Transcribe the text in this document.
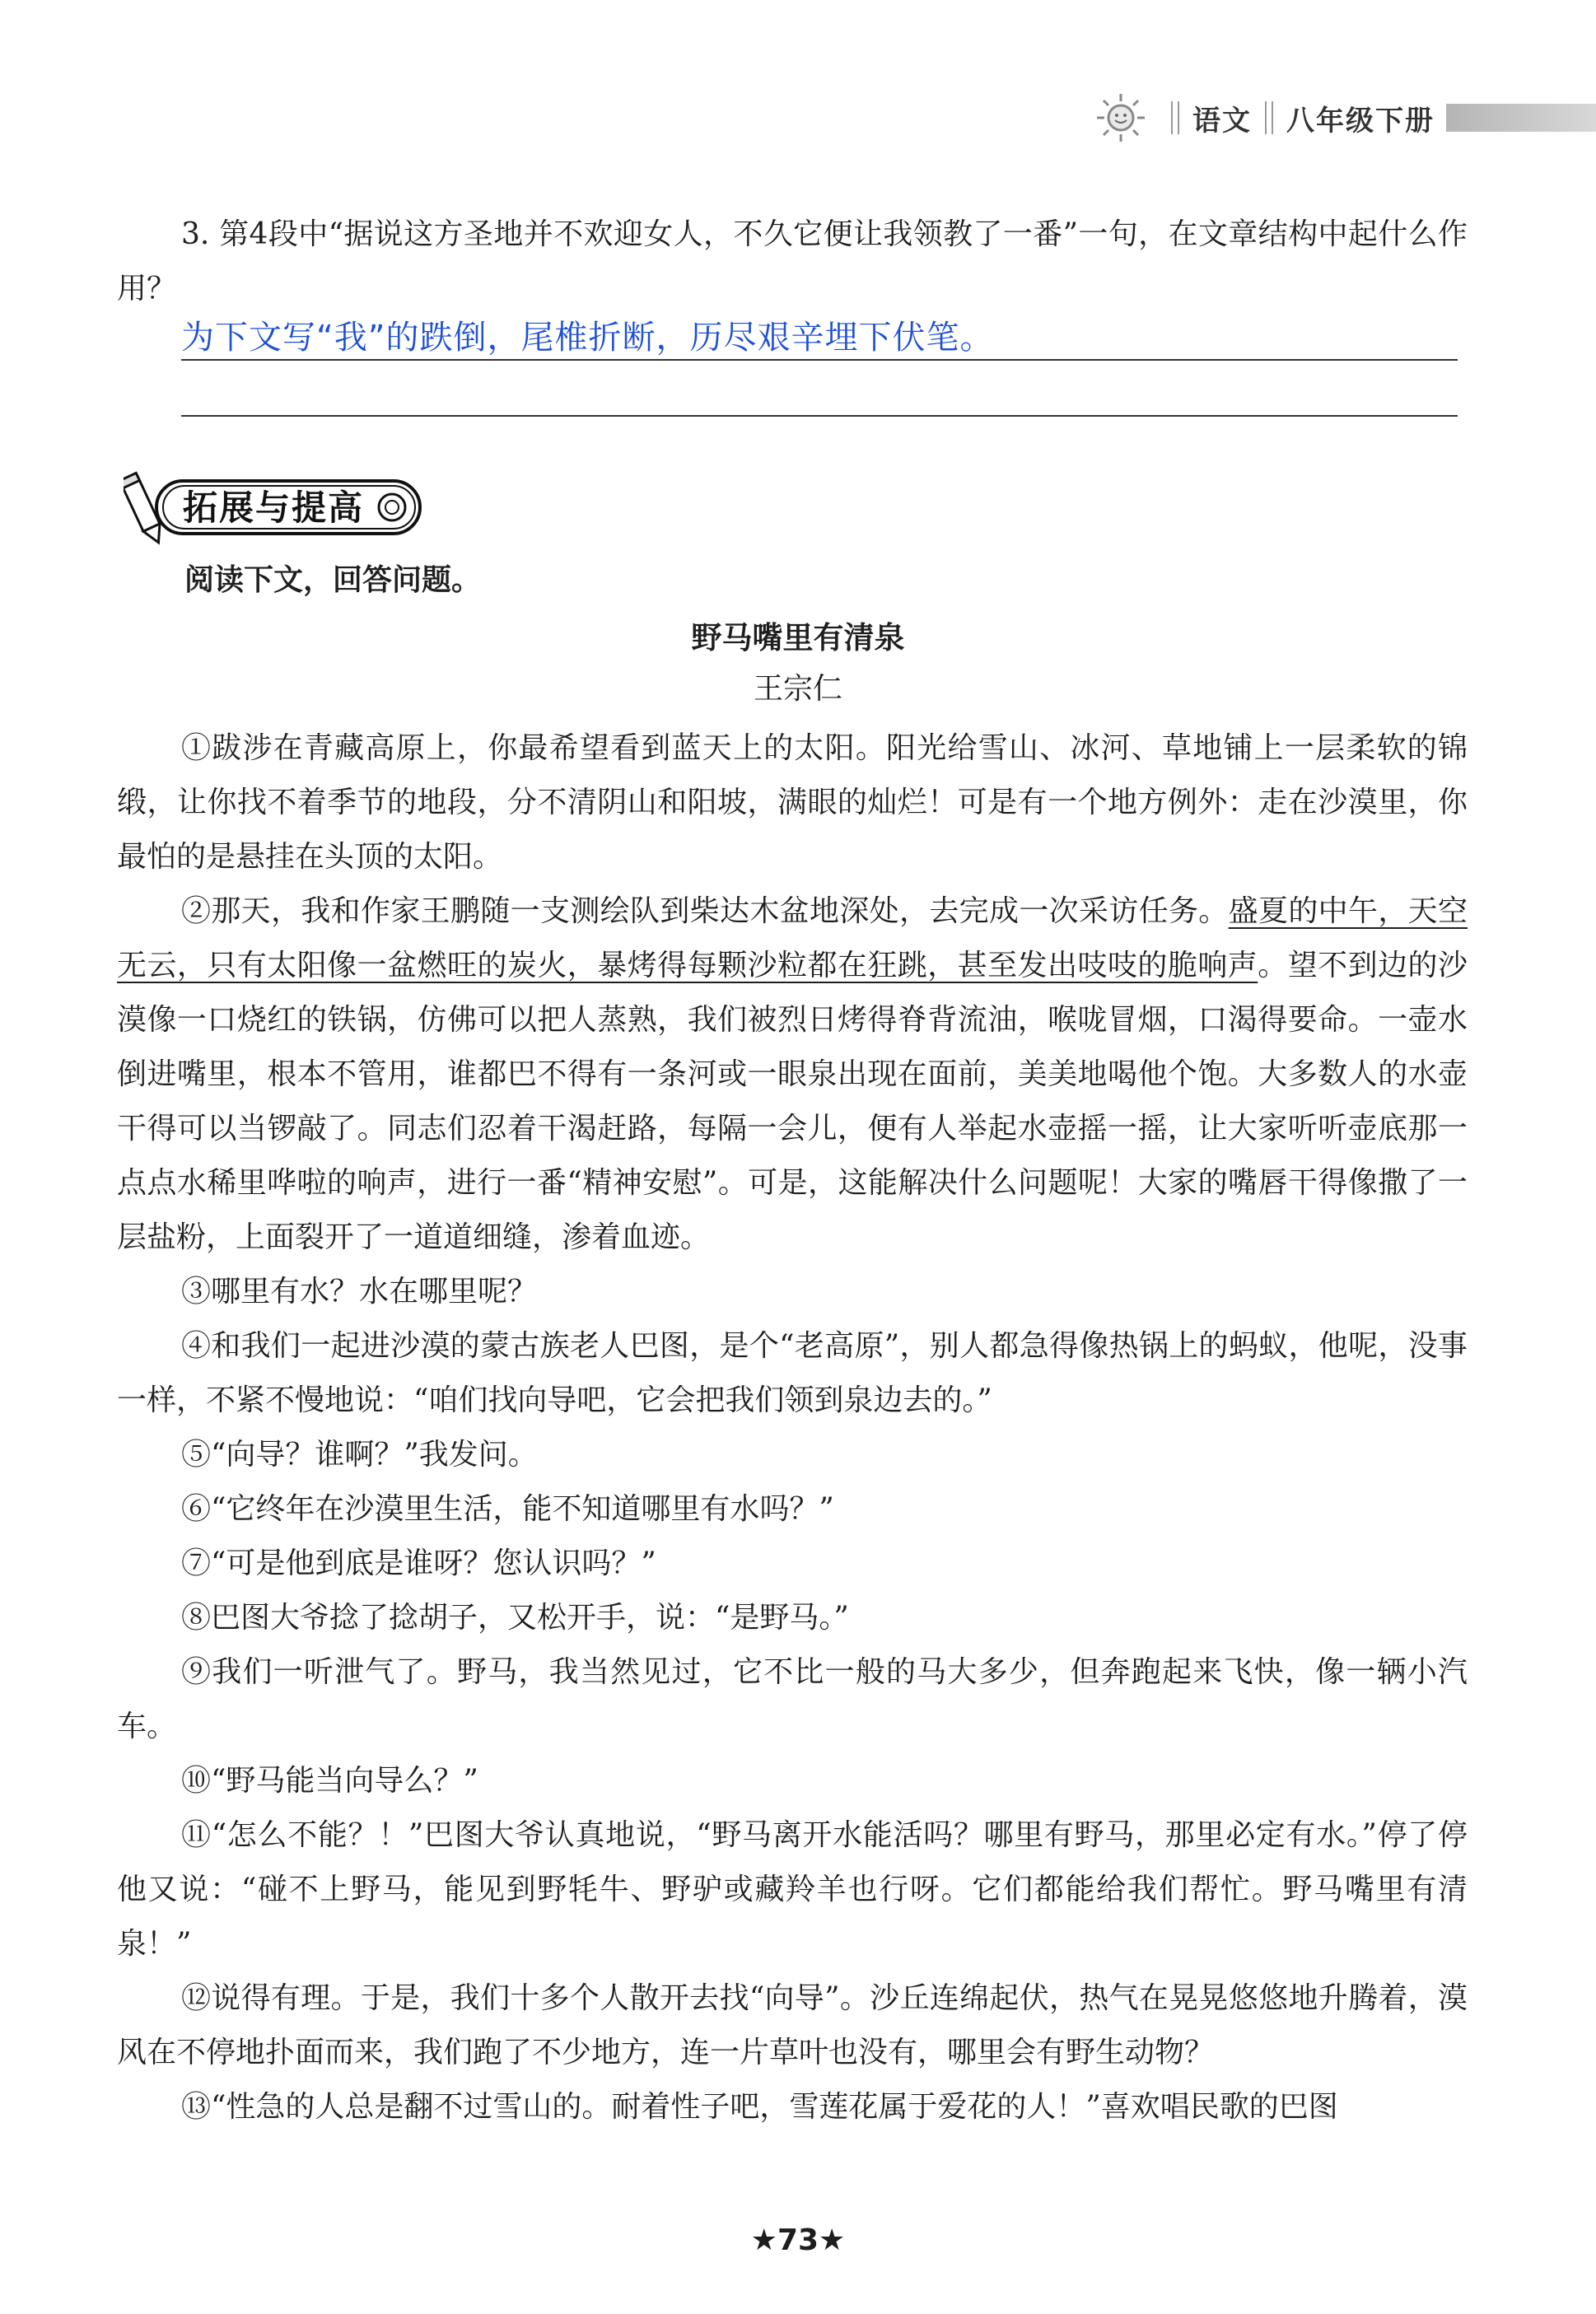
语文 八年级下册

3. 第4段中“据说这方圣地并不欢迎女人，不久它便让我领教了一番”一句，在文章结构中起什么作用？

为下文写“我”的跌倒，尾椎折断，历尽艰辛埋下伏笔。
拓展与提高
阅读下文，回答问题。
野马嘴里有清泉
王宗仁

①跋涉在青藏高原上，你最希望看到蓝天上的太阳。阳光给雪山、冰河、草地铺上一层柔软的锦缎，让你找不着季节的地段，分不清阴山和阳坡，满眼的灿烂！可是有一个地方例外：走在沙漠里，你最怕的是悬挂在头顶的太阳。

②那天，我和作家王鹏随一支测绘队到柴达木盆地深处，去完成一次采访任务。盛夏的中午，天空无云，只有太阳像一盆燃旺的炭火，暴烤得每颗沙粒都在狂跳，甚至发出吱吱的脆响声。望不到边的沙漠像一口烧红的铁锅，仿佛可以把人蒸熟，我们被烈日烤得脊背流油，喉咙冒烟，口渴得要命。一壶水倒进嘴里，根本不管用，谁都巴不得有一条河或一眼泉出现在面前，美美地喝他个饱。大多数人的水壶干得可以当锣敲了。同志们忍着干渴赶路，每隔一会儿，便有人举起水壶摇一摇，让大家听听壶底那一点点水稀里哗啦的响声，进行一番“精神安慰”。可是，这能解决什么问题呢！大家的嘴唇干得像撒了一层盐粉，上面裂开了一道道细缝，渗着血迹。

③哪里有水？水在哪里呢？

④和我们一起进沙漠的蒙古族老人巴图，是个“老高原”，别人都急得像热锅上的蚂蚁，他呢，没事一样，不紧不慢地说：“咱们找向导吧，它会把我们领到泉边去的。”

⑤“向导？谁啊？”我发问。

⑥“它终年在沙漠里生活，能不知道哪里有水吗？”

⑦“可是他到底是谁呀？您认识吗？”

⑧巴图大爷捻了捻胡子，又松开手，说：“是野马。”

⑨我们一听泄气了。野马，我当然见过，它不比一般的马大多少，但奔跑起来飞快，像一辆小汽车。

⑩“野马能当向导么？”

⑪“怎么不能？！”巴图大爷认真地说，“野马离开水能活吗？哪里有野马，那里必定有水。”停了停他又说：“碰不上野马，能见到野牦牛、野驴或藏羚羊也行呀。它们都能给我们帮忙。野马嘴里有清泉！”

⑫说得有理。于是，我们十多个人散开去找“向导”。沙丘连绵起伏，热气在晃晃悠悠地升腾着，漠风在不停地扑面而来，我们跑了不少地方，连一片草叶也没有，哪里会有野生动物？

⑬“性急的人总是翻不过雪山的。耐着性子吧，雪莲花属于爱花的人！”喜欢唱民歌的巴图

★73★
